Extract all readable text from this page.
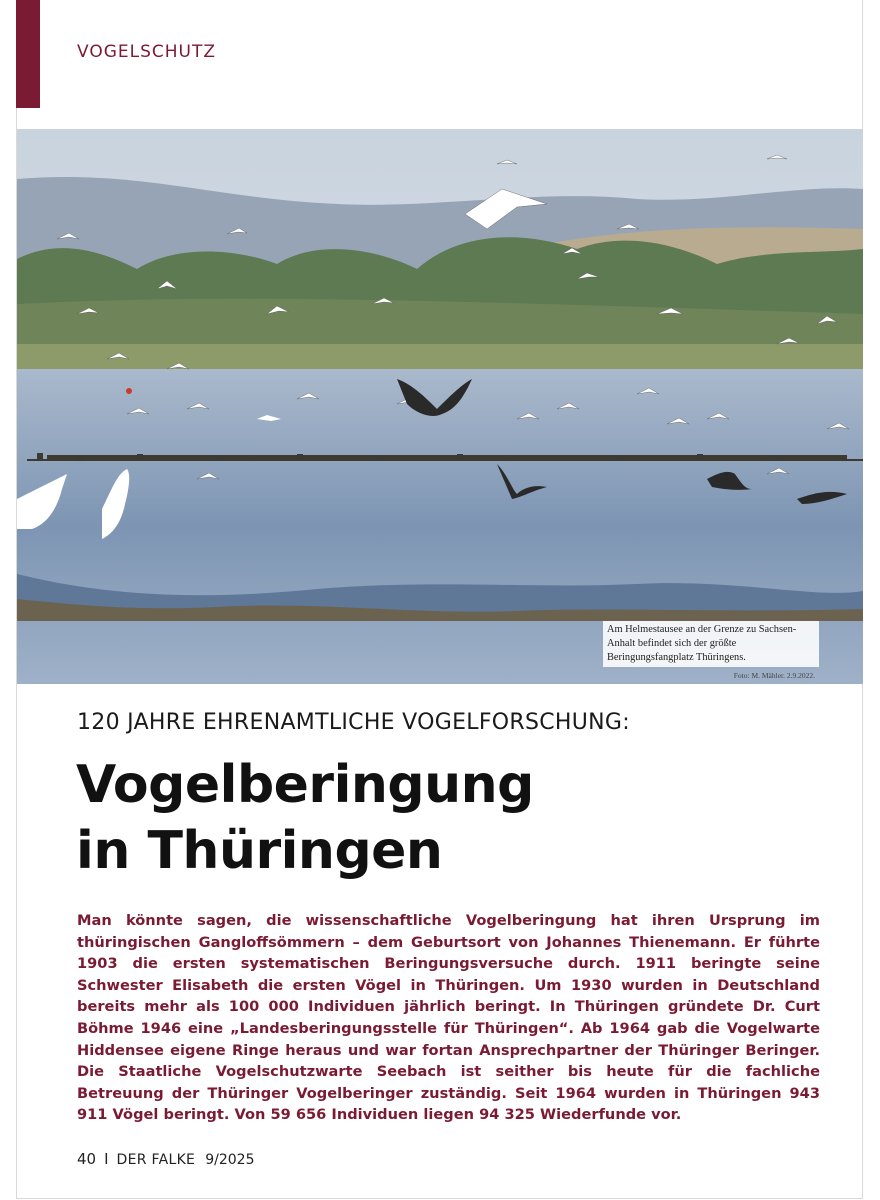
VOGELSCHUTZ
Am Helmestausee an der Grenze zu Sachsen-Anhalt befindet sich der größte Beringungsfangplatz Thüringens.
Foto: M. Mähler. 2.9.2022.
120 JAHRE EHRENAMTLICHE VOGELFORSCHUNG:
Vogelberingung
in Thüringen
Man könnte sagen, die wissenschaftliche Vogelberingung hat ihren Ursprung im thüringischen Gangloffsömmern – dem Geburtsort von Johannes Thienemann. Er führte 1903 die ersten systematischen Beringungsversuche durch. 1911 beringte seine Schwester Elisabeth die ersten Vögel in Thüringen. Um 1930 wurden in Deutschland bereits mehr als 100 000 Individuen jährlich beringt. In Thüringen gründete Dr. Curt Böhme 1946 eine „Landesberingungsstelle für Thüringen“. Ab 1964 gab die Vogelwarte Hiddensee eigene Ringe heraus und war fortan Ansprechpartner der Thüringer Beringer. Die Staatliche Vogelschutzwarte Seebach ist seither bis heute für die fachliche Betreuung der Thüringer Vogelberinger zuständig. Seit 1964 wurden in Thüringen 943 911 Vögel beringt. Von 59 656 Individuen liegen 94 325 Wiederfunde vor.
40 I DER FALKE 9/2025
